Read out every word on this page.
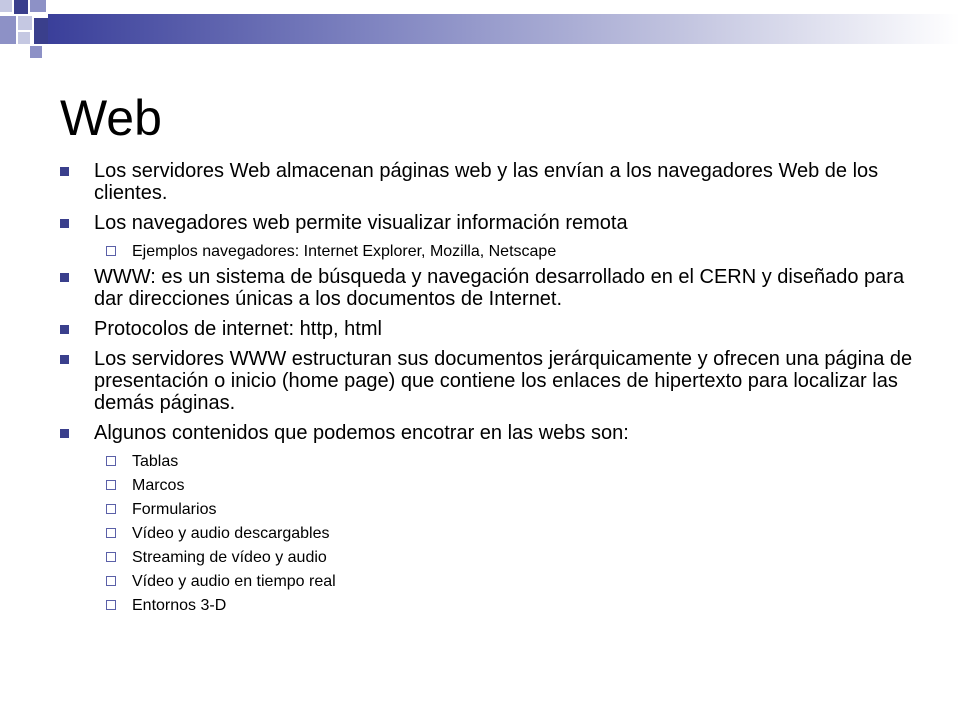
Web
Los servidores Web almacenan páginas web y las envían a los navegadores Web de los clientes.
Los navegadores web permite visualizar información remota
Ejemplos navegadores: Internet Explorer, Mozilla, Netscape
WWW: es un sistema de búsqueda y navegación desarrollado en el CERN y diseñado para dar direcciones únicas a los documentos de Internet.
Protocolos de internet: http, html
Los servidores WWW estructuran sus documentos jerárquicamente y ofrecen una página de presentación o inicio (home page) que contiene los enlaces de hipertexto para localizar las demás páginas.
Algunos contenidos que podemos encotrar en las webs son:
Tablas
Marcos
Formularios
Vídeo y audio descargables
Streaming de vídeo y audio
Vídeo y audio en tiempo real
Entornos 3-D
